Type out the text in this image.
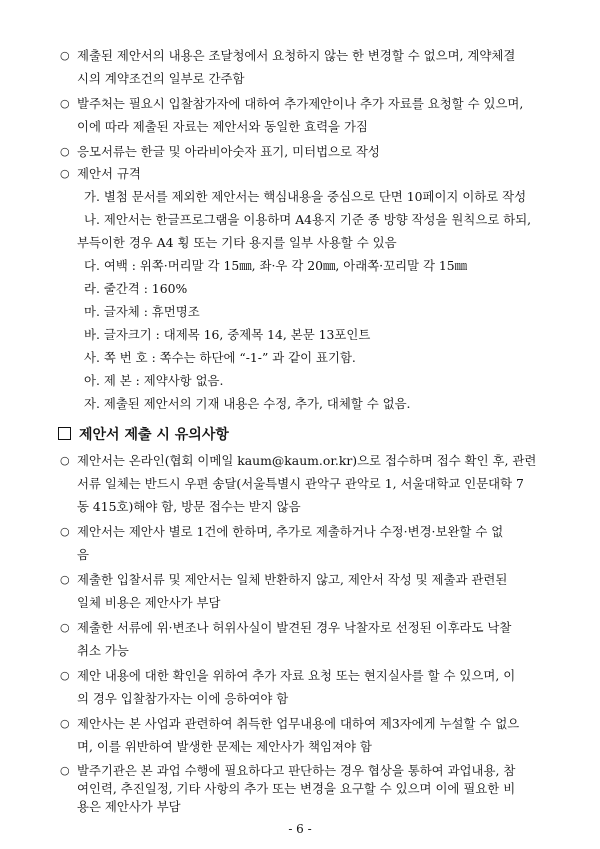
○ 제출된 제안서의 내용은 조달청에서 요청하지 않는 한 변경할 수 없으며, 계약체결
시의 계약조건의 일부로 간주함
○ 발주처는 필요시 입찰참가자에 대하여 추가제안이나 추가 자료를 요청할 수 있으며,
이에 따라 제출된 자료는 제안서와 동일한 효력을 가짐
○ 응모서류는 한글 및 아라비아숫자 표기, 미터법으로 작성
○ 제안서 규격
가. 별첨 문서를 제외한 제안서는 핵심내용을 중심으로 단면 10페이지 이하로 작성
나. 제안서는 한글프로그램을 이용하며 A4용지 기준 종 방향 작성을 원칙으로 하되,
부득이한 경우 A4 횡 또는 기타 용지를 일부 사용할 수 있음
다. 여백 : 위쪽·머리말 각 15㎜, 좌·우 각 20㎜, 아래쪽·꼬리말 각 15㎜
라. 줄간격 : 160%
마. 글자체 : 휴먼명조
바. 글자크기 : 대제목 16, 중제목 14, 본문 13포인트
사. 쪽 번 호 : 쪽수는 하단에 “-1-” 과 같이 표기함.
아. 제 본 : 제약사항 없음.
자. 제출된 제안서의 기재 내용은 수정, 추가, 대체할 수 없음.
제안서 제출 시 유의사항
○ 제안서는 온라인(협회 이메일 kaum@kaum.or.kr)으로 접수하며 접수 확인 후, 관련
서류 일체는 반드시 우편 송달(서울특별시 관악구 관악로 1, 서울대학교 인문대학 7
동 415호)해야 함, 방문 접수는 받지 않음
○ 제안서는 제안사 별로 1건에 한하며, 추가로 제출하거나 수정·변경·보완할 수 없
음
○ 제출한 입찰서류 및 제안서는 일체 반환하지 않고, 제안서 작성 및 제출과 관련된
일체 비용은 제안사가 부담
○ 제출한 서류에 위·변조나 허위사실이 발견된 경우 낙찰자로 선정된 이후라도 낙찰
취소 가능
○ 제안 내용에 대한 확인을 위하여 추가 자료 요청 또는 현지실사를 할 수 있으며, 이
의 경우 입찰참가자는 이에 응하여야 함
○ 제안사는 본 사업과 관련하여 취득한 업무내용에 대하여 제3자에게 누설할 수 없으
며, 이를 위반하여 발생한 문제는 제안사가 책임져야 함
○ 발주기관은 본 과업 수행에 필요하다고 판단하는 경우 협상을 통하여 과업내용, 참
여인력, 추진일정, 기타 사항의 추가 또는 변경을 요구할 수 있으며 이에 필요한 비
- 6 -
용은 제안사가 부담
